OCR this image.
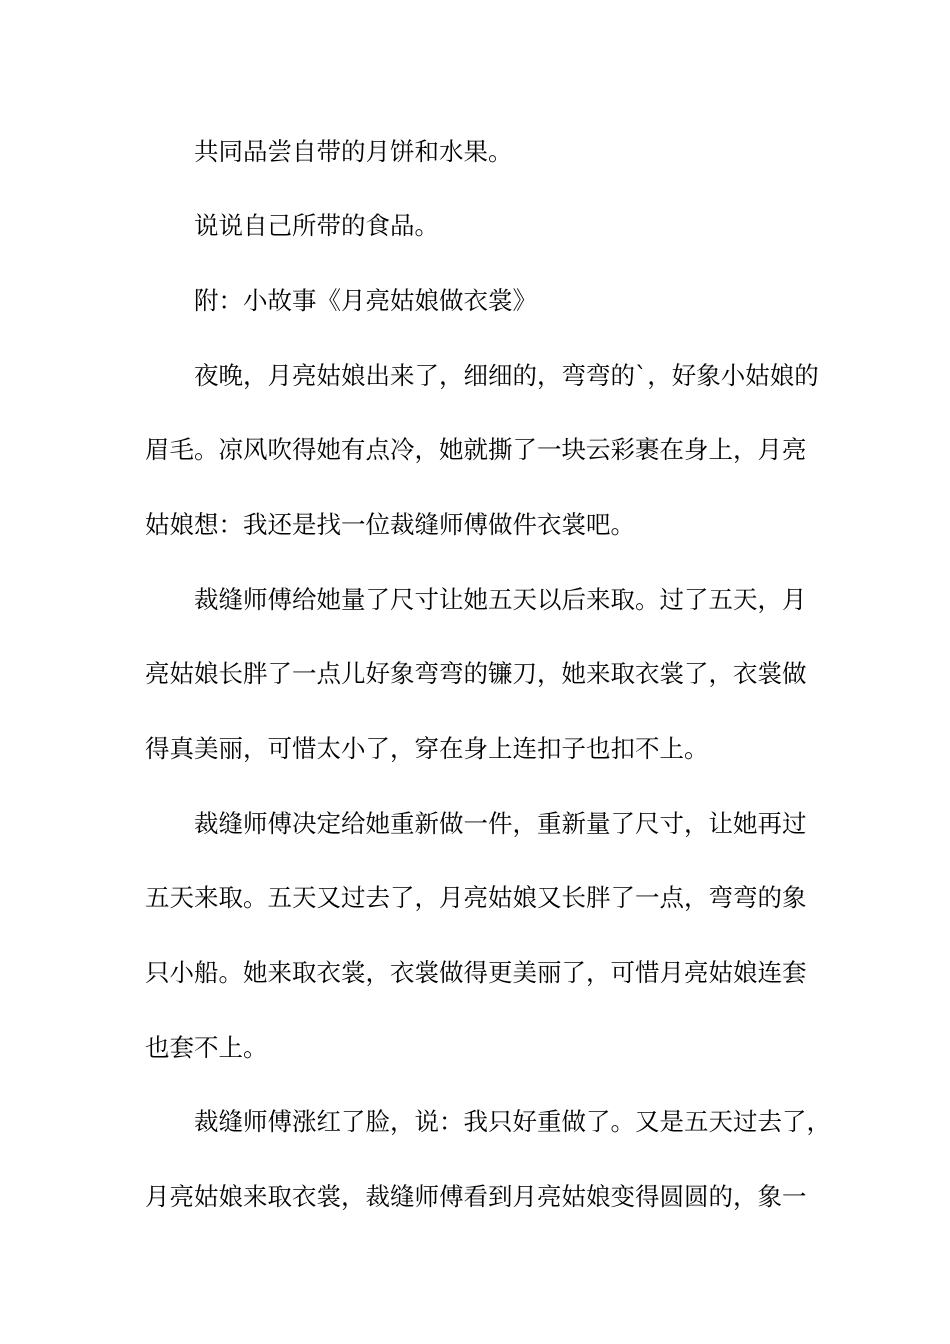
共同品尝自带的月饼和水果。
说说自己所带的食品。
附：小故事《月亮姑娘做衣裳》
夜晚，月亮姑娘出来了，细细的，弯弯的`，好象小姑娘的
眉毛。凉风吹得她有点冷，她就撕了一块云彩裹在身上，月亮
姑娘想：我还是找一位裁缝师傅做件衣裳吧。
裁缝师傅给她量了尺寸让她五天以后来取。过了五天，月
亮姑娘长胖了一点儿好象弯弯的镰刀，她来取衣裳了，衣裳做
得真美丽，可惜太小了，穿在身上连扣子也扣不上。
裁缝师傅决定给她重新做一件，重新量了尺寸，让她再过
五天来取。五天又过去了，月亮姑娘又长胖了一点，弯弯的象
只小船。她来取衣裳，衣裳做得更美丽了，可惜月亮姑娘连套
也套不上。
裁缝师傅涨红了脸，说：我只好重做了。又是五天过去了，
月亮姑娘来取衣裳，裁缝师傅看到月亮姑娘变得圆圆的，象一
